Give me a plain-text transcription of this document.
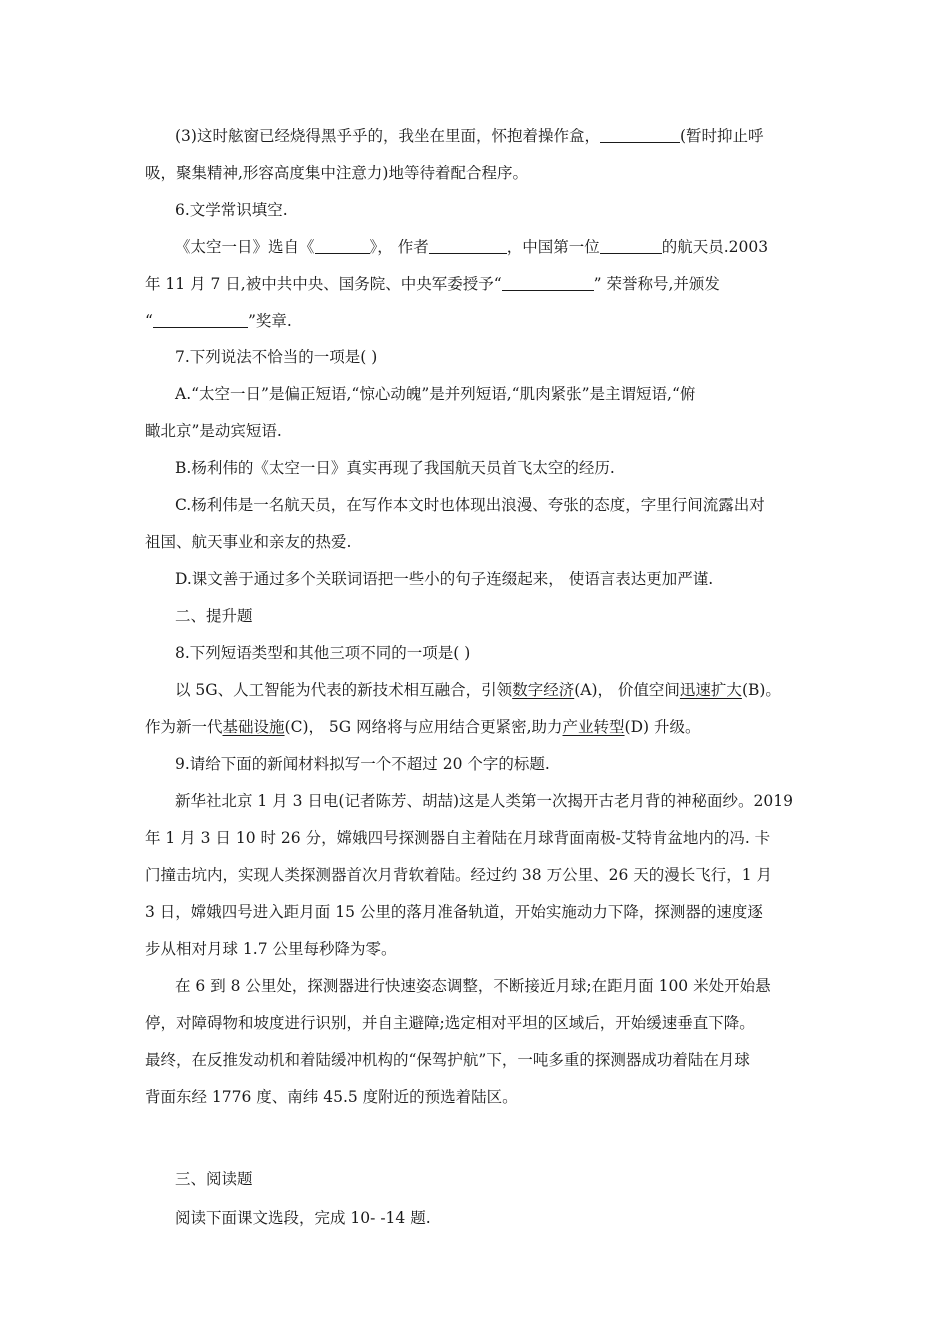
(3)这时舷窗已经烧得黑乎乎的，我坐在里面，怀抱着操作盒，	(暂时抑止呼
吸，聚集精神,形容高度集中注意力)地等待着配合程序。
6.文学常识填空.
《太空一日》选自《	》， 作者	，中国第一位	的航天员.2003
年 11 月 7 日,被中共中央、国务院、中央军委授予“	” 荣誉称号,并颁发
“	”奖章.
7.下列说法不恰当的一项是( )
A.“太空一日”是偏正短语,“惊心动魄”是并列短语,“肌肉紧张”是主谓短语,“俯
瞰北京”是动宾短语.
B.杨利伟的《太空一日》真实再现了我国航天员首飞太空的经历.
C.杨利伟是一名航天员，在写作本文时也体现出浪漫、夸张的态度，字里行间流露出对
祖国、航天事业和亲友的热爱.
D.课文善于通过多个关联词语把一些小的句子连缀起来， 使语言表达更加严谨.
二、提升题
8.下列短语类型和其他三项不同的一项是( )
以 5G、人工智能为代表的新技术相互融合，引领数字经济(A)， 价值空间迅速扩大(B)。
作为新一代基础设施(C)， 5G 网络将与应用结合更紧密,助力产业转型(D) 升级。
9.请给下面的新闻材料拟写一个不超过 20 个字的标题.
新华社北京 1 月 3 日电(记者陈芳、胡喆)这是人类第一次揭开古老月背的神秘面纱。2019
年 1 月 3 日 10 时 26 分，嫦娥四号探测器自主着陆在月球背面南极-艾特肯盆地内的冯. 卡
门撞击坑内，实现人类探测器首次月背软着陆。经过约 38 万公里、26 天的漫长飞行，1 月
3 日，嫦娥四号进入距月面 15 公里的落月准备轨道，开始实施动力下降，探测器的速度逐
步从相对月球 1.7 公里每秒降为零。
在 6 到 8 公里处，探测器进行快速姿态调整，不断接近月球;在距月面 100 米处开始悬
停，对障碍物和坡度进行识别，并自主避障;选定相对平坦的区域后，开始缓速垂直下降。
最终，在反推发动机和着陆缓冲机构的“保驾护航”下，一吨多重的探测器成功着陆在月球
背面东经 1776 度、南纬 45.5 度附近的预选着陆区。
三、阅读题
阅读下面课文选段，完成 10- -14 题.
